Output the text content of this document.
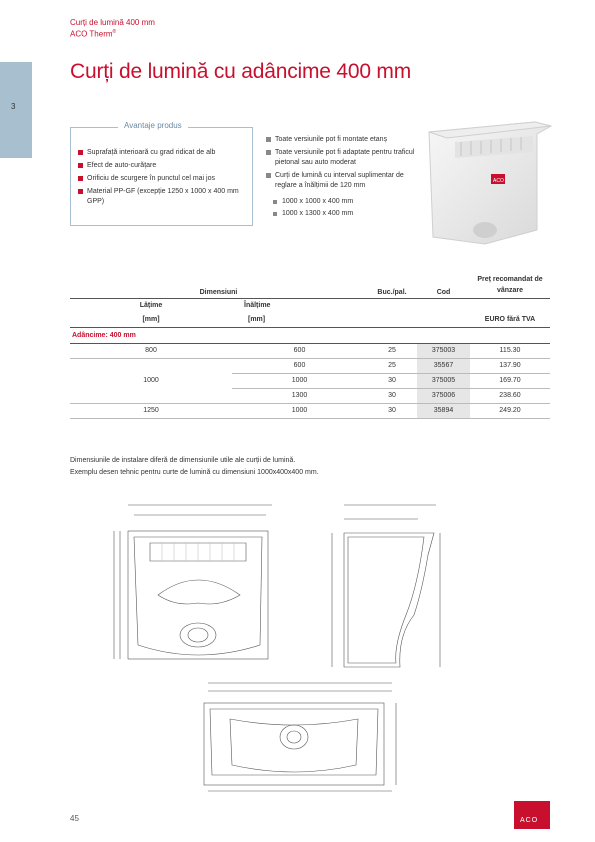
Curți de lumină 400 mm
ACO Therm®
3
Curți de lumină cu adâncime 400 mm
Avantaje produs
Suprafață interioară cu grad ridicat de alb
Efect de auto-curățare
Orificiu de scurgere în punctul cel mai jos
Material PP-GF (excepție 1250 x 1000 x 400 mm GPP)
Toate versiunile pot fi montate etanș
Toate versiunile pot fi adaptate pentru traficul pietonal sau auto moderat
Curți de lumină cu interval suplimentar de reglare a înălțimii de 120 mm
1000 x 1000 x 400 mm
1000 x 1300 x 400 mm
ACO
Dimensiuni		Buc./pal.	Cod	Preț recomandat de vânzare
Lățime	Înălțime			
[mm]	[mm]			EURO fără TVA
Adâncime: 400 mm				
800	600	25	375003	115.30
1000	600	25	35567	137.90
	1000	30	375005	169.70
	1300	30	375006	238.60
1250	1000	30	35894	249.20
Dimensiunile de instalare diferă de dimensiunile utile ale curții de lumină.
Exemplu desen tehnic pentru curte de lumină cu dimensiuni 1000x400x400 mm.
45	ACO
